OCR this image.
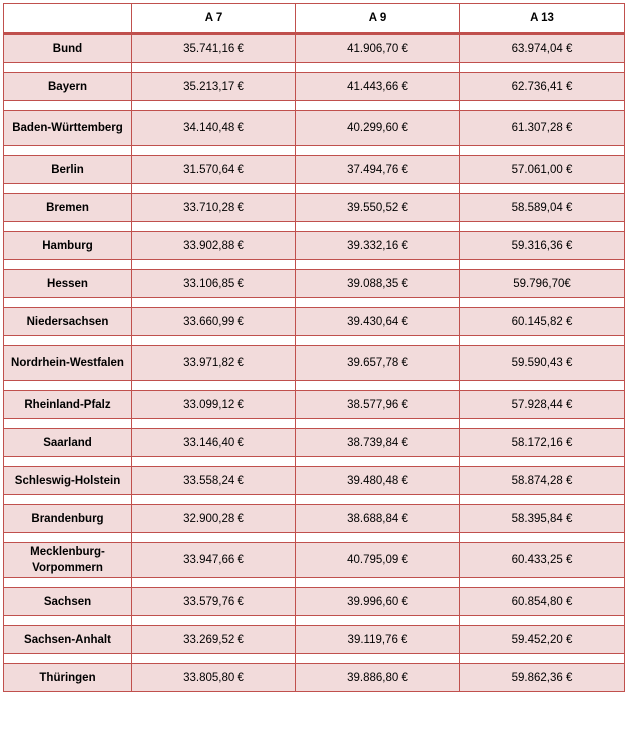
	A 7	A 9	A 13
Bund	35.741,16 €	41.906,70 €	63.974,04 €

Bayern	35.213,17 €	41.443,66 €	62.736,41 €

Baden-Württemberg	34.140,48 €	40.299,60 €	61.307,28 €

Berlin	31.570,64 €	37.494,76 €	57.061,00 €

Bremen	33.710,28 €	39.550,52 €	58.589,04 €

Hamburg	33.902,88 €	39.332,16 €	59.316,36 €

Hessen	33.106,85 €	39.088,35 €	59.796,70€

Niedersachsen	33.660,99 €	39.430,64 €	60.145,82 €

Nordrhein-Westfalen	33.971,82 €	39.657,78 €	59.590,43 €

Rheinland-Pfalz	33.099,12 €	38.577,96 €	57.928,44 €

Saarland	33.146,40 €	38.739,84 €	58.172,16 €

Schleswig-Holstein	33.558,24 €	39.480,48 €	58.874,28 €

Brandenburg	32.900,28 €	38.688,84 €	58.395,84 €

Mecklenburg-Vorpommern	33.947,66 €	40.795,09 €	60.433,25 €

Sachsen	33.579,76 €	39.996,60 €	60.854,80 €

Sachsen-Anhalt	33.269,52 €	39.119,76 €	59.452,20 €

Thüringen	33.805,80 €	39.886,80 €	59.862,36 €
